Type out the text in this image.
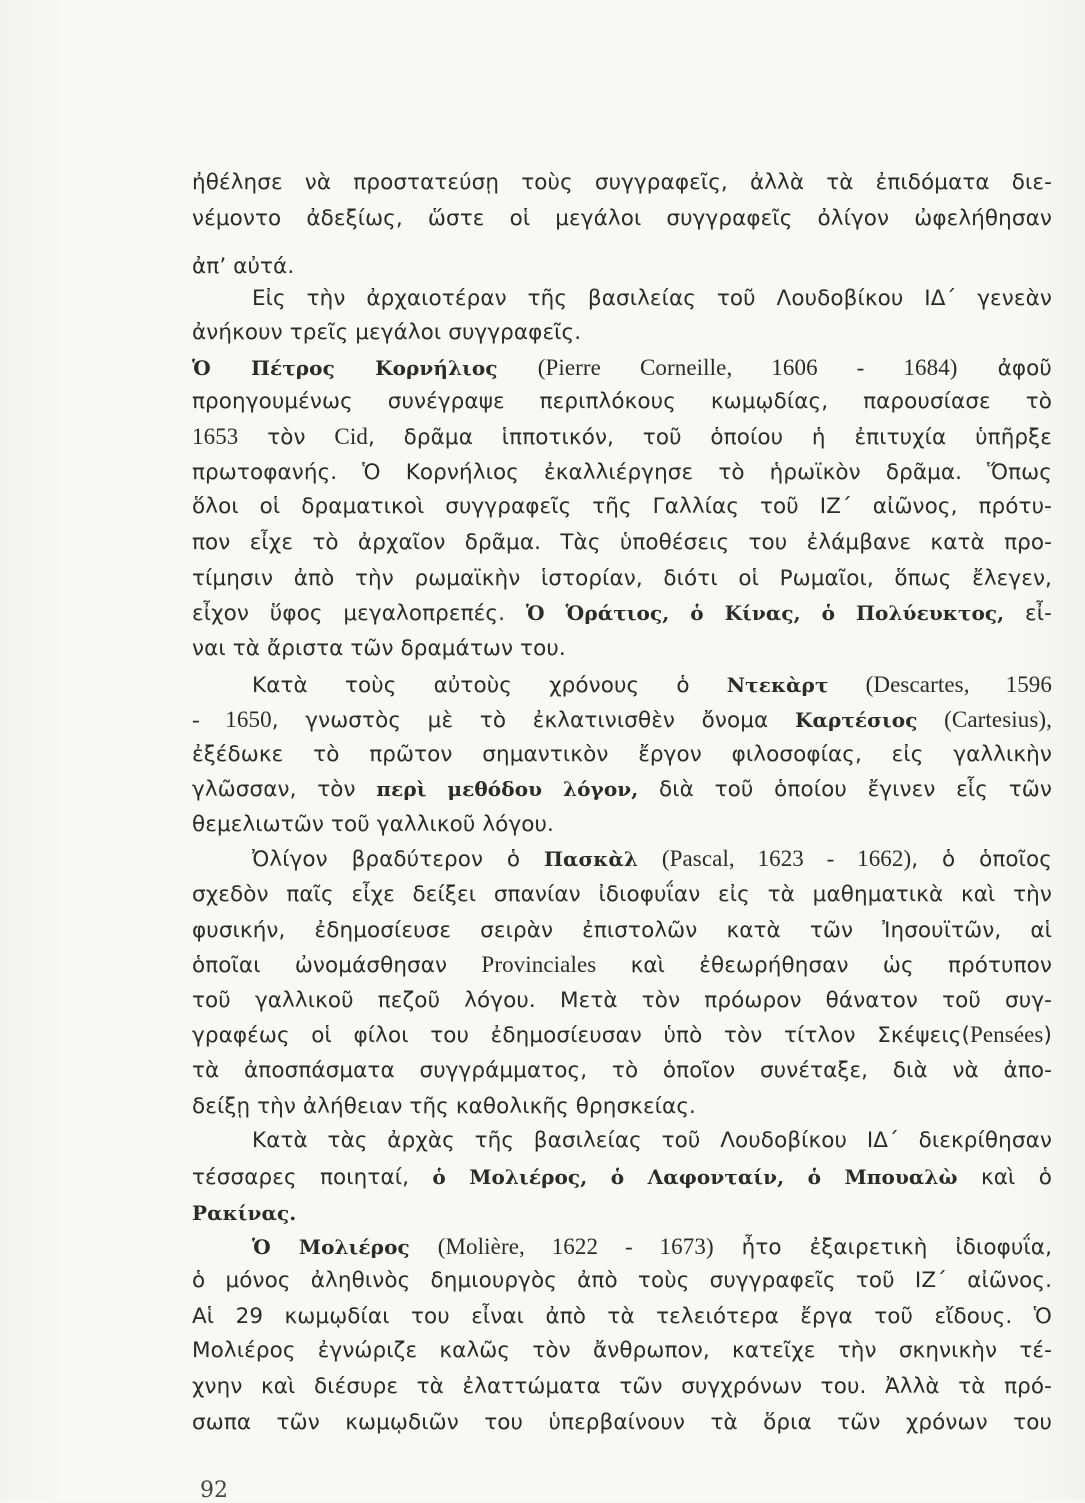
ἠθέλησε νὰ προστατεύσῃ τοὺς συγγραφεῖς, ἀλλὰ τὰ ἐπιδόματα διε-
νέμοντο ἀδεξίως, ὥστε οἱ μεγάλοι συγγραφεῖς ὀλίγον ὠφελήθησαν
ἀπ’ αὐτά.
Εἰς τὴν ἀρχαιοτέραν τῆς βασιλείας τοῦ Λουδοβίκου ΙΔ΄ γενεὰν
ἀνήκουν τρεῖς μεγάλοι συγγραφεῖς.
Ὁ Πέτρος Κορνήλιος (Pierre Corneille, 1606 - 1684) ἀφοῦ
προηγουμένως συνέγραψε περιπλόκους κωμῳδίας, παρουσίασε τὸ
1653 τὸν Cid, δρᾶμα ἱπποτικόν, τοῦ ὁποίου ἡ ἐπιτυχία ὑπῆρξε
πρωτοφανής. Ὁ Κορνήλιος ἐκαλλιέργησε τὸ ἡρωϊκὸν δρᾶμα. Ὅπως
ὅλοι οἱ δραματικοὶ συγγραφεῖς τῆς Γαλλίας τοῦ ΙΖ΄ αἰῶνος, πρότυ-
πον εἶχε τὸ ἀρχαῖον δρᾶμα. Τὰς ὑποθέσεις του ἐλάμβανε κατὰ προ-
τίμησιν ἀπὸ τὴν ρωμαϊκὴν ἱστορίαν, διότι οἱ Ρωμαῖοι, ὅπως ἔλεγεν,
εἶχον ὕφος μεγαλοπρεπές. Ὁ Ὁράτιος, ὁ Κίνας, ὁ Πολύευκτος, εἶ-
ναι τὰ ἄριστα τῶν δραμάτων του.
Κατὰ τοὺς αὐτοὺς χρόνους ὁ Ντεκὰρτ (Descartes, 1596
- 1650, γνωστὸς μὲ τὸ ἐκλατινισθὲν ὄνομα Καρτέσιος (Cartesius),
ἐξέδωκε τὸ πρῶτον σημαντικὸν ἔργον φιλοσοφίας, εἰς γαλλικὴν
γλῶσσαν, τὸν περὶ μεθόδου λόγον, διὰ τοῦ ὁποίου ἔγινεν εἷς τῶν
θεμελιωτῶν τοῦ γαλλικοῦ λόγου.
Ὀλίγον βραδύτερον ὁ Πασκὰλ (Pascal, 1623 - 1662), ὁ ὁποῖος
σχεδὸν παῖς εἶχε δείξει σπανίαν ἰδιοφυΐαν εἰς τὰ μαθηματικὰ καὶ τὴν
φυσικήν, ἐδημοσίευσε σειρὰν ἐπιστολῶν κατὰ τῶν Ἰησουϊτῶν, αἱ
ὁποῖαι ὠνομάσθησαν Provinciales καὶ ἐθεωρήθησαν ὡς πρότυπον
τοῦ γαλλικοῦ πεζοῦ λόγου. Μετὰ τὸν πρόωρον θάνατον τοῦ συγ-
γραφέως οἱ φίλοι του ἐδημοσίευσαν ὑπὸ τὸν τίτλον Σκέψεις(Pensées)
τὰ ἀποσπάσματα συγγράμματος, τὸ ὁποῖον συνέταξε, διὰ νὰ ἀπο-
δείξῃ τὴν ἀλήθειαν τῆς καθολικῆς θρησκείας.
Κατὰ τὰς ἀρχὰς τῆς βασιλείας τοῦ Λουδοβίκου ΙΔ΄ διεκρίθησαν
τέσσαρες ποιηταί, ὁ Μολιέρος, ὁ Λαφονταίν, ὁ Μπουαλὼ καὶ ὁ
Ρακίνας.
Ὁ Μολιέρος (Molière, 1622 - 1673) ἦτο ἐξαιρετικὴ ἰδιοφυΐα,
ὁ μόνος ἀληθινὸς δημιουργὸς ἀπὸ τοὺς συγγραφεῖς τοῦ ΙΖ΄ αἰῶνος.
Αἱ 29 κωμῳδίαι του εἶναι ἀπὸ τὰ τελειότερα ἔργα τοῦ εἴδους. Ὁ
Μολιέρος ἐγνώριζε καλῶς τὸν ἄνθρωπον, κατεῖχε τὴν σκηνικὴν τέ-
χνην καὶ διέσυρε τὰ ἐλαττώματα τῶν συγχρόνων του. Ἀλλὰ τὰ πρό-
σωπα τῶν κωμῳδιῶν του ὑπερβαίνουν τὰ ὅρια τῶν χρόνων του
92
